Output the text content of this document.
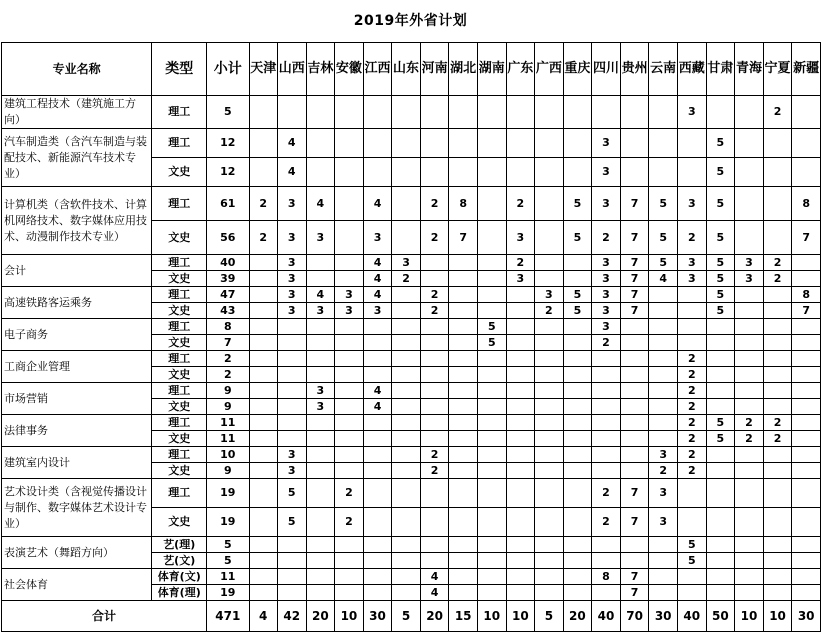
2019年外省计划
专业名称	类型	小计	天津	山西	吉林	安徽	江西	山东	河南	湖北	湖南	广东	广西	重庆	四川	贵州	云南	西藏	甘肃	青海	宁夏	新疆
建筑工程技术（建筑施工方向）	理工	5																3			2	
汽车制造类（含汽车制造与装配技术、新能源汽车技术专业）	理工	12		4											3				5			
	文史	12		4											3				5			
计算机类（含软件技术、计算机网络技术、数字媒体应用技术、动漫制作技术专业）	理工	61	2	3	4		4		2	8		2		5	3	7	5	3	5			8
	文史	56	2	3	3		3		2	7		3		5	2	7	5	2	5			7
会计	理工	40		3			4	3				2			3	7	5	3	5	3	2	
	文史	39		3			4	2				3			3	7	4	3	5	3	2	
高速铁路客运乘务	理工	47		3	4	3	4		2				3	5	3	7			5			8
	文史	43		3	3	3	3		2				2	5	3	7			5			7
电子商务	理工	8									5				3							
	文史	7									5				2							
工商企业管理	理工	2																2				
	文史	2																2				
市场营销	理工	9			3		4											2				
	文史	9			3		4											2				
法律事务	理工	11																2	5	2	2	
	文史	11																2	5	2	2	
建筑室内设计	理工	10		3					2								3	2				
	文史	9		3					2								2	2				
艺术设计类（含视觉传播设计与制作、数字媒体艺术设计专业）	理工	19		5		2									2	7	3					
	文史	19		5		2									2	7	3					
表演艺术（舞蹈方向）	艺(理)	5																5				
	艺(文)	5																5				
社会体育	体育(文)	11							4						8	7						
	体育(理)	19							4							7						
合计		471	4	42	20	10	30	5	20	15	10	10	5	20	40	70	30	40	50	10	10	30
